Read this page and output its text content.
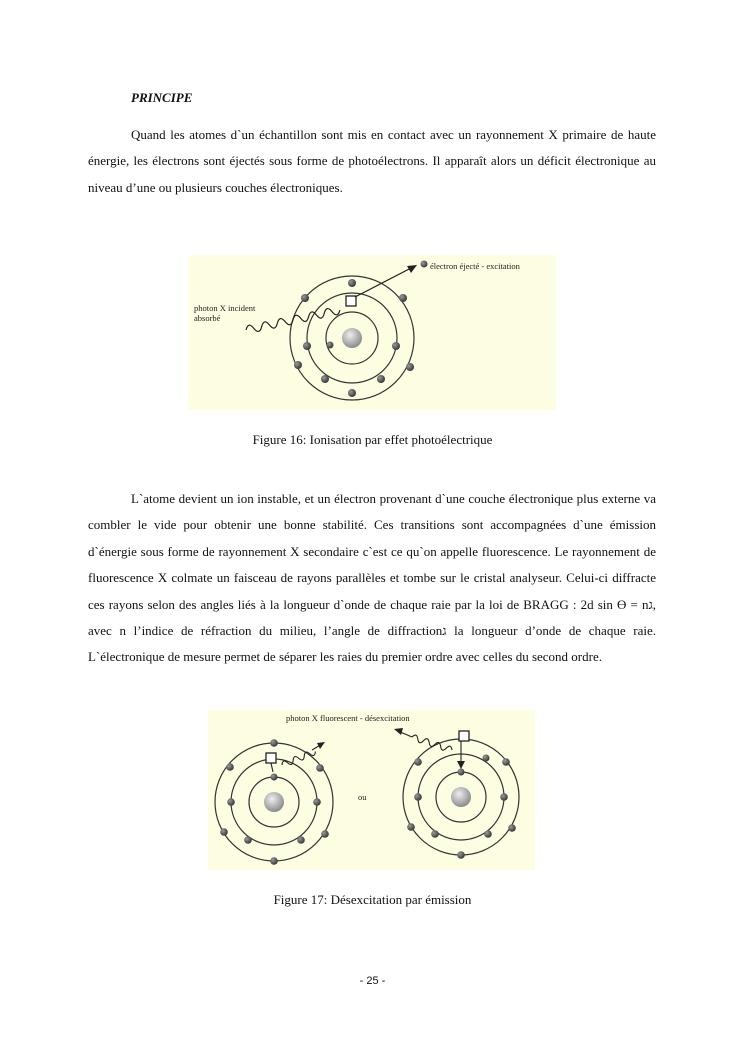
PRINCIPE
Quand les atomes d`un échantillon sont mis en contact avec un rayonnement X primaire de haute énergie, les électrons sont éjectés sous forme de photoélectrons. Il apparaît alors un déficit électronique au niveau d’une ou plusieurs couches électroniques.
électron éjecté - excitation
photon X incident
absorbé
Figure 16: Ionisation par effet photoélectrique
L`atome devient un ion instable, et un électron provenant d`une couche électronique plus externe va combler le vide pour obtenir une bonne stabilité. Ces transitions sont accompagnées d`une émission d`énergie sous forme de rayonnement X secondaire c`est ce qu`on appelle fluorescence. Le rayonnement de fluorescence X colmate un faisceau de rayons parallèles et tombe sur le cristal analyseur. Celui-ci diffracte ces rayons selon des angles liés à la longueur d`onde de chaque raie par la loi de BRAGG : 2d sin Ө = nג, avec n l’indice de réfraction du milieu, l’angle de diffractionג la longueur d’onde de chaque raie. L`électronique de mesure permet de séparer les raies du premier ordre avec celles du second ordre.
photon X fluorescent - désexcitation
ou
Figure 17: Désexcitation par émission
- 25 -
